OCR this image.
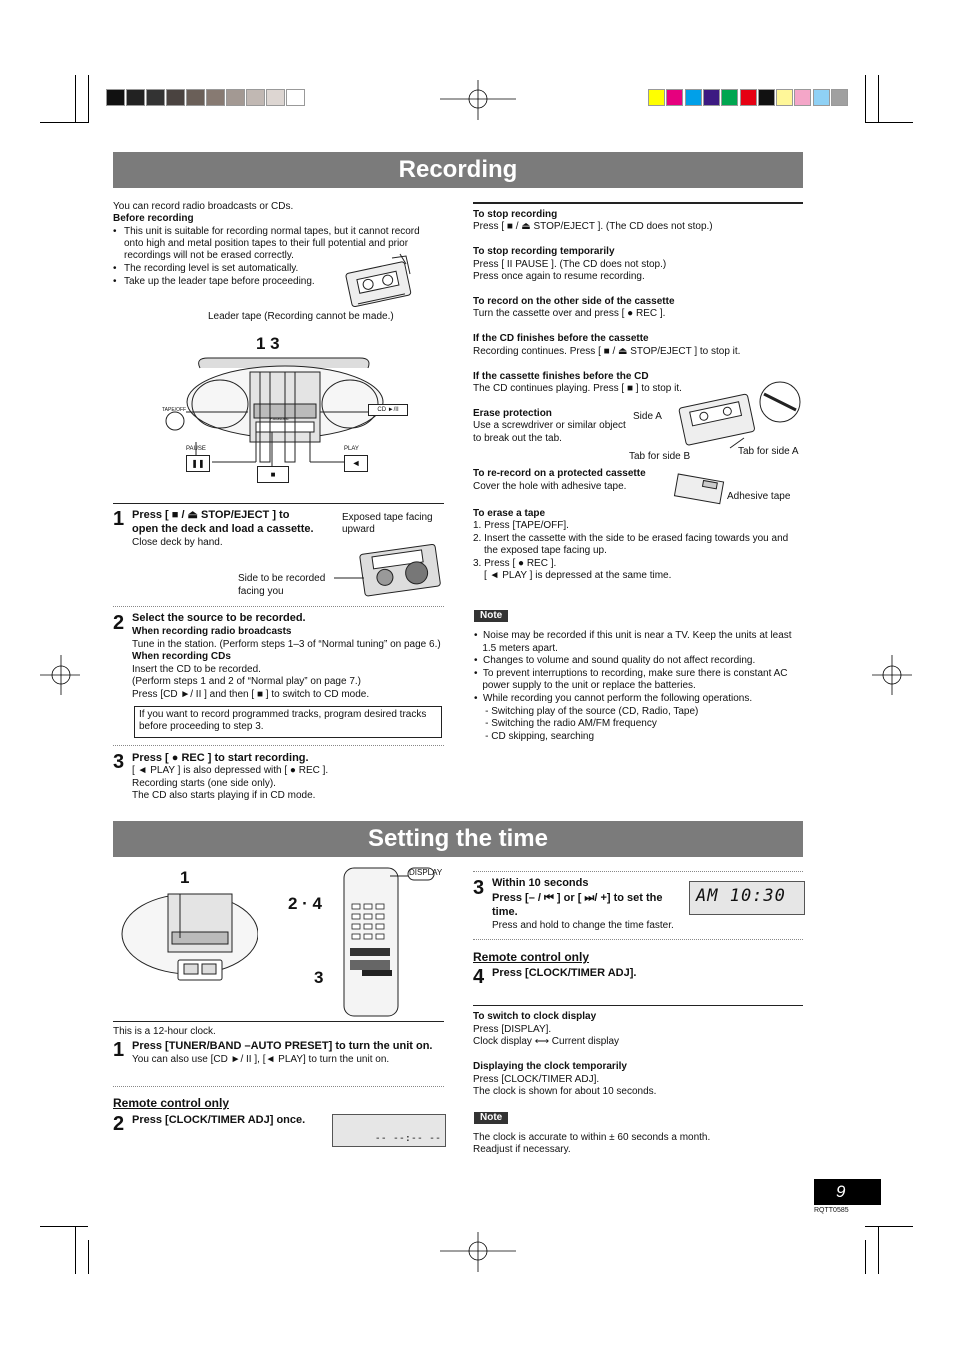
Recording
You can record radio broadcasts or CDs.
Before recording
• This unit is suitable for recording normal tapes, but it cannot record
onto high and metal position tapes to their full potential and prior
recordings will not be erased correctly.
• The recording level is set automatically.
• Take up the leader tape before proceeding.
Leader tape (Recording cannot be made.)
1 3
TAPE/OFF	CD ►/II
PAUSE
❚❚
PLAY
◄
■
Panasonic
1 Press [ ■ / ⏏ STOP/EJECT ] to
open the deck and load a cassette.
Close deck by hand.
Exposed tape facing
upward
Side to be recorded
facing you
2 Select the source to be recorded.
When recording radio broadcasts
Tune in the station. (Perform steps 1–3 of “Normal tuning” on page 6.)
When recording CDs
Insert the CD to be recorded.
(Perform steps 1 and 2 of “Normal play” on page 7.)
Press [CD ►/ II ] and then [ ■ ] to switch to CD mode.
If you want to record programmed tracks, program desired tracks
before proceeding to step 3.
3 Press [ ● REC ] to start recording.
[ ◄ PLAY ] is also depressed with [ ● REC ].
Recording starts (one side only).
The CD also starts playing if in CD mode.
To stop recording
Press [ ■ / ⏏ STOP/EJECT ]. (The CD does not stop.)
To stop recording temporarily
Press [ II PAUSE ]. (The CD does not stop.)
Press once again to resume recording.
To record on the other side of the cassette
Turn the cassette over and press [ ● REC ].
If the CD finishes before the cassette
Recording continues. Press [ ■ / ⏏ STOP/EJECT ] to stop it.
If the cassette finishes before the CD
The CD continues playing. Press [ ■ ] to stop it.
Erase protection
Use a screwdriver or similar object
to break out the tab.
Side A
Tab for side B	Tab for side A
To re-record on a protected cassette
Cover the hole with adhesive tape.
Adhesive tape
To erase a tape
1. Press [TAPE/OFF].
2. Insert the cassette with the side to be erased facing towards you and
the exposed tape facing up.
3. Press [ ● REC ].
[ ◄ PLAY ] is depressed at the same time.
Note
•  Noise may be recorded if this unit is near a TV. Keep the units at least
1.5 meters apart.
•  Changes to volume and sound quality do not affect recording.
•  To prevent interruptions to recording, make sure there is constant AC
power supply to the unit or replace the batteries.
•  While recording you cannot perform the following operations.
- Switching play of the source (CD, Radio, Tape)
- Switching the radio AM/FM frequency
- CD skipping, searching
Setting the time
1
2 · 4
3
DISPLAY
This is a 12-hour clock.
1 Press [TUNER/BAND –AUTO PRESET] to turn the unit on.
You can also use [CD ►/ II ], [◄ PLAY] to turn the unit on.
Remote control only
2 Press [CLOCK/TIMER ADJ] once.
-- --:-- --
3 Within 10 seconds
Press [– / ⏮ ] or [ ⏭/ +] to set the
time.
Press and hold to change the time faster.
AM 10:30
Remote control only
4 Press [CLOCK/TIMER ADJ].
To switch to clock display
Press [DISPLAY].
Clock display ⟷ Current display
Displaying the clock temporarily
Press [CLOCK/TIMER ADJ].
The clock is shown for about 10 seconds.
Note
The clock is accurate to within ± 60 seconds a month.
Readjust if necessary.
9
RQTT0585
